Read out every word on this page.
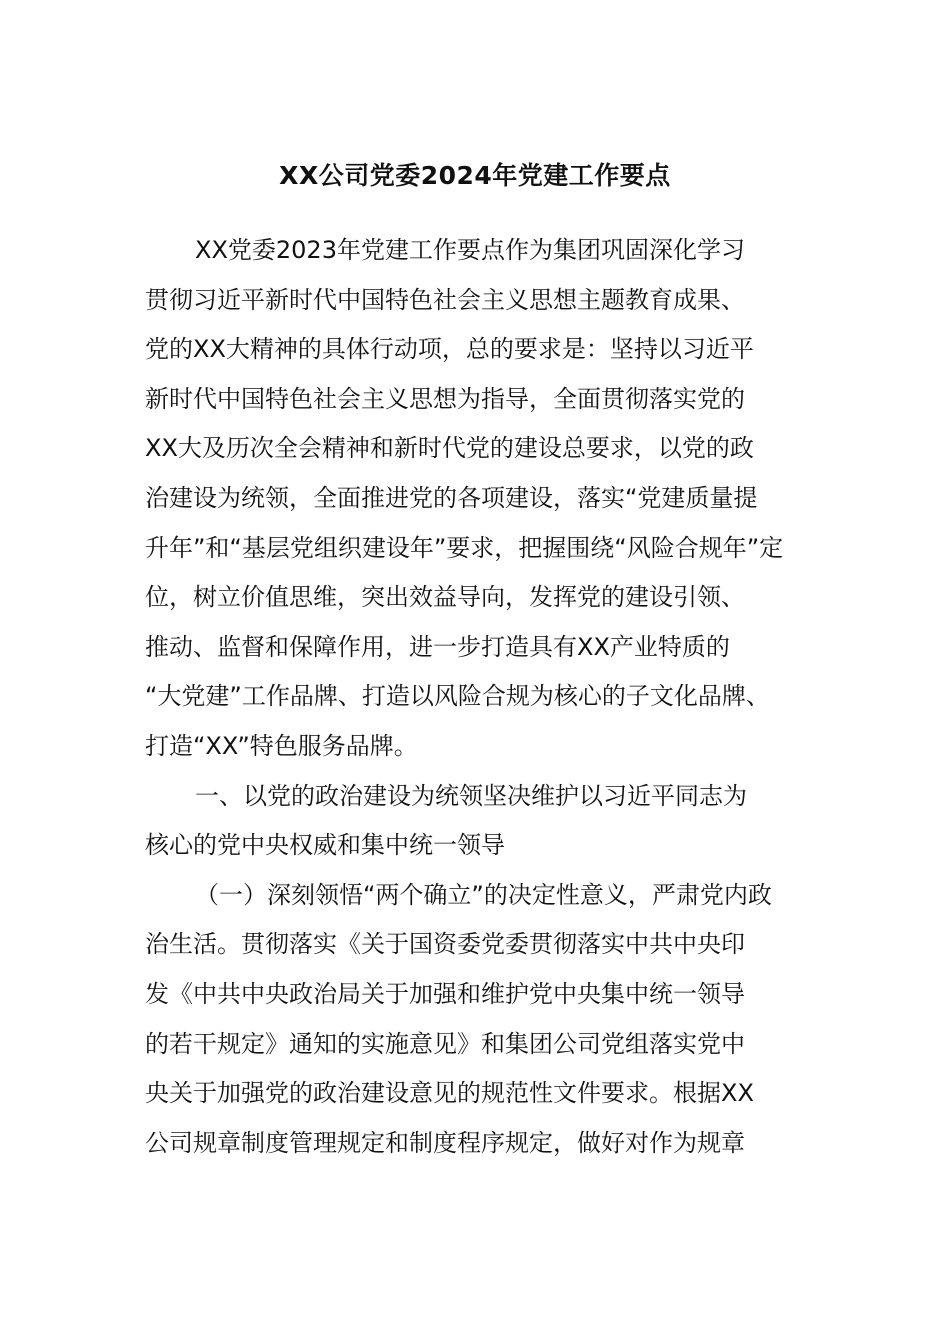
XX公司党委2024年党建工作要点

XX党委2023年党建工作要点作为集团巩固深化学习
贯彻习近平新时代中国特色社会主义思想主题教育成果、
党的XX大精神的具体行动项，总的要求是：坚持以习近平
新时代中国特色社会主义思想为指导，全面贯彻落实党的
XX大及历次全会精神和新时代党的建设总要求，以党的政
治建设为统领，全面推进党的各项建设，落实“党建质量提
升年”和“基层党组织建设年”要求，把握围绕“风险合规年”定
位，树立价值思维，突出效益导向，发挥党的建设引领、
推动、监督和保障作用，进一步打造具有XX产业特质的
“大党建”工作品牌、打造以风险合规为核心的子文化品牌、
打造“XX”特色服务品牌。

一、以党的政治建设为统领坚决维护以习近平同志为
核心的党中央权威和集中统一领导

（一）深刻领悟“两个确立”的决定性意义，严肃党内政
治生活。贯彻落实《关于国资委党委贯彻落实中共中央印
发《中共中央政治局关于加强和维护党中央集中统一领导
的若干规定》通知的实施意见》和集团公司党组落实党中
央关于加强党的政治建设意见的规范性文件要求。根据XX
公司规章制度管理规定和制度程序规定，做好对作为规章
